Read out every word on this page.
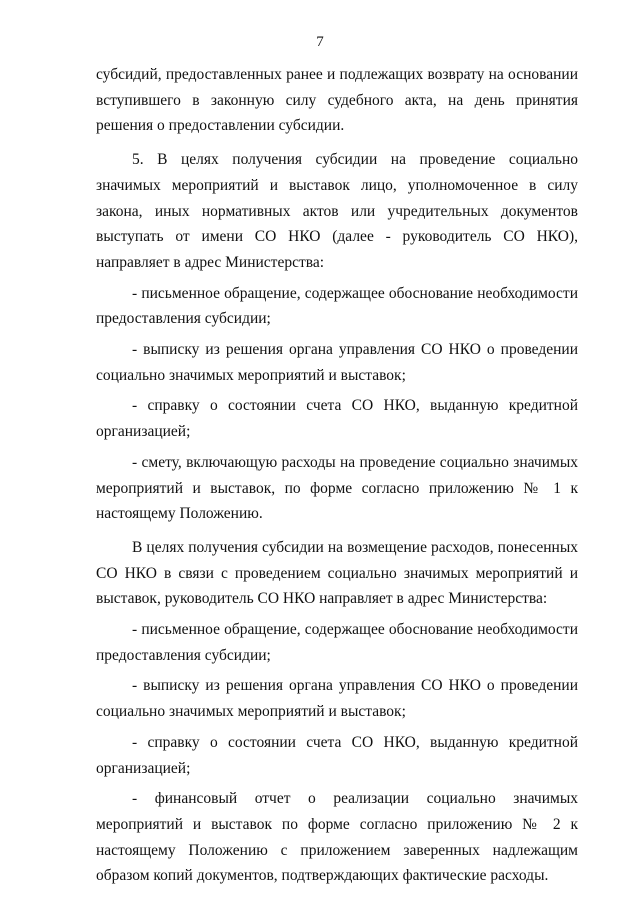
7

субсидий, предоставленных ранее и подлежащих возврату на основании вступившего в законную силу судебного акта, на день принятия решения о предоставлении субсидии.

5. В целях получения субсидии на проведение социально значимых мероприятий и выставок лицо, уполномоченное в силу закона, иных нормативных актов или учредительных документов выступать от имени СО НКО (далее - руководитель СО НКО), направляет в адрес Министерства:

- письменное обращение, содержащее обоснование необходимости предоставления субсидии;

- выписку из решения органа управления СО НКО о проведении социально значимых мероприятий и выставок;

- справку о состоянии счета СО НКО, выданную кредитной организацией;

- смету, включающую расходы на проведение социально значимых мероприятий и выставок, по форме согласно приложению № 1 к настоящему Положению.

В целях получения субсидии на возмещение расходов, понесенных СО НКО в связи с проведением социально значимых мероприятий и выставок, руководитель СО НКО направляет в адрес Министерства:

- письменное обращение, содержащее обоснование необходимости предоставления субсидии;

- выписку из решения органа управления СО НКО о проведении социально значимых мероприятий и выставок;

- справку о состоянии счета СО НКО, выданную кредитной организацией;

- финансовый отчет о реализации социально значимых мероприятий и выставок по форме согласно приложению № 2 к настоящему Положению с приложением заверенных надлежащим образом копий документов, подтверждающих фактические расходы.
